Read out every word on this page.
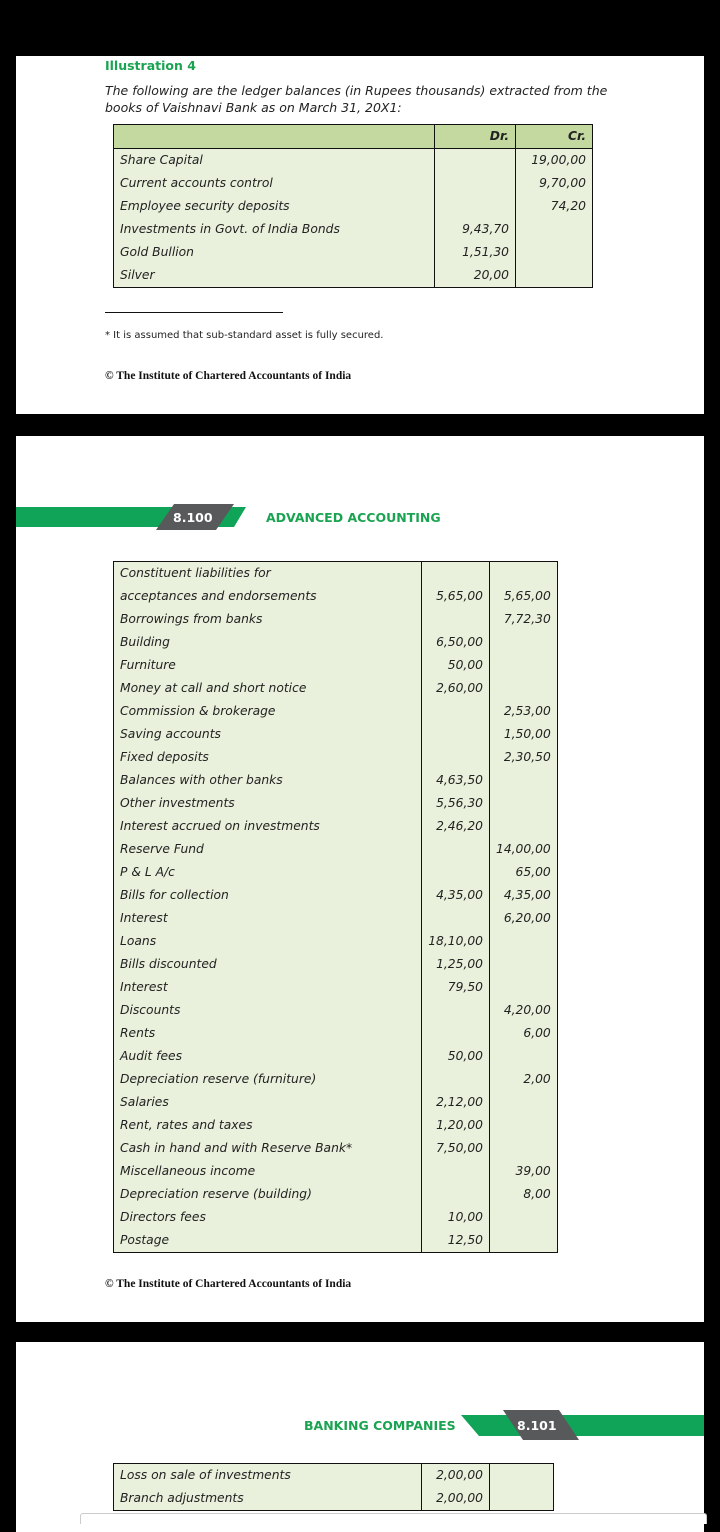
Illustration 4
The following are the ledger balances (in Rupees thousands) extracted from the books of Vaishnavi Bank as on March 31, 20X1:
	Dr.	Cr.
Share Capital		19,00,00
Current accounts control		9,70,00
Employee security deposits		74,20
Investments in Govt. of India Bonds	9,43,70	
Gold Bullion	1,51,30	
Silver	20,00	
* It is assumed that sub-standard asset is fully secured.
© The Institute of Chartered Accountants of India
8.100	ADVANCED ACCOUNTING
Constituent liabilities for		
acceptances and endorsements	5,65,00	5,65,00
Borrowings from banks		7,72,30
Building	6,50,00	
Furniture	50,00	
Money at call and short notice	2,60,00	
Commission & brokerage		2,53,00
Saving accounts		1,50,00
Fixed deposits		2,30,50
Balances with other banks	4,63,50	
Other investments	5,56,30	
Interest accrued on investments	2,46,20	
Reserve Fund		14,00,00
P & L A/c		65,00
Bills for collection	4,35,00	4,35,00
Interest		6,20,00
Loans	18,10,00	
Bills discounted	1,25,00	
Interest	79,50	
Discounts		4,20,00
Rents		6,00
Audit fees	50,00	
Depreciation reserve (furniture)		2,00
Salaries	2,12,00	
Rent, rates and taxes	1,20,00	
Cash in hand and with Reserve Bank*	7,50,00	
Miscellaneous income		39,00
Depreciation reserve (building)		8,00
Directors fees	10,00	
Postage	12,50	
© The Institute of Chartered Accountants of India
BANKING COMPANIES	8.101
Loss on sale of investments	2,00,00	
Branch adjustments	2,00,00	
